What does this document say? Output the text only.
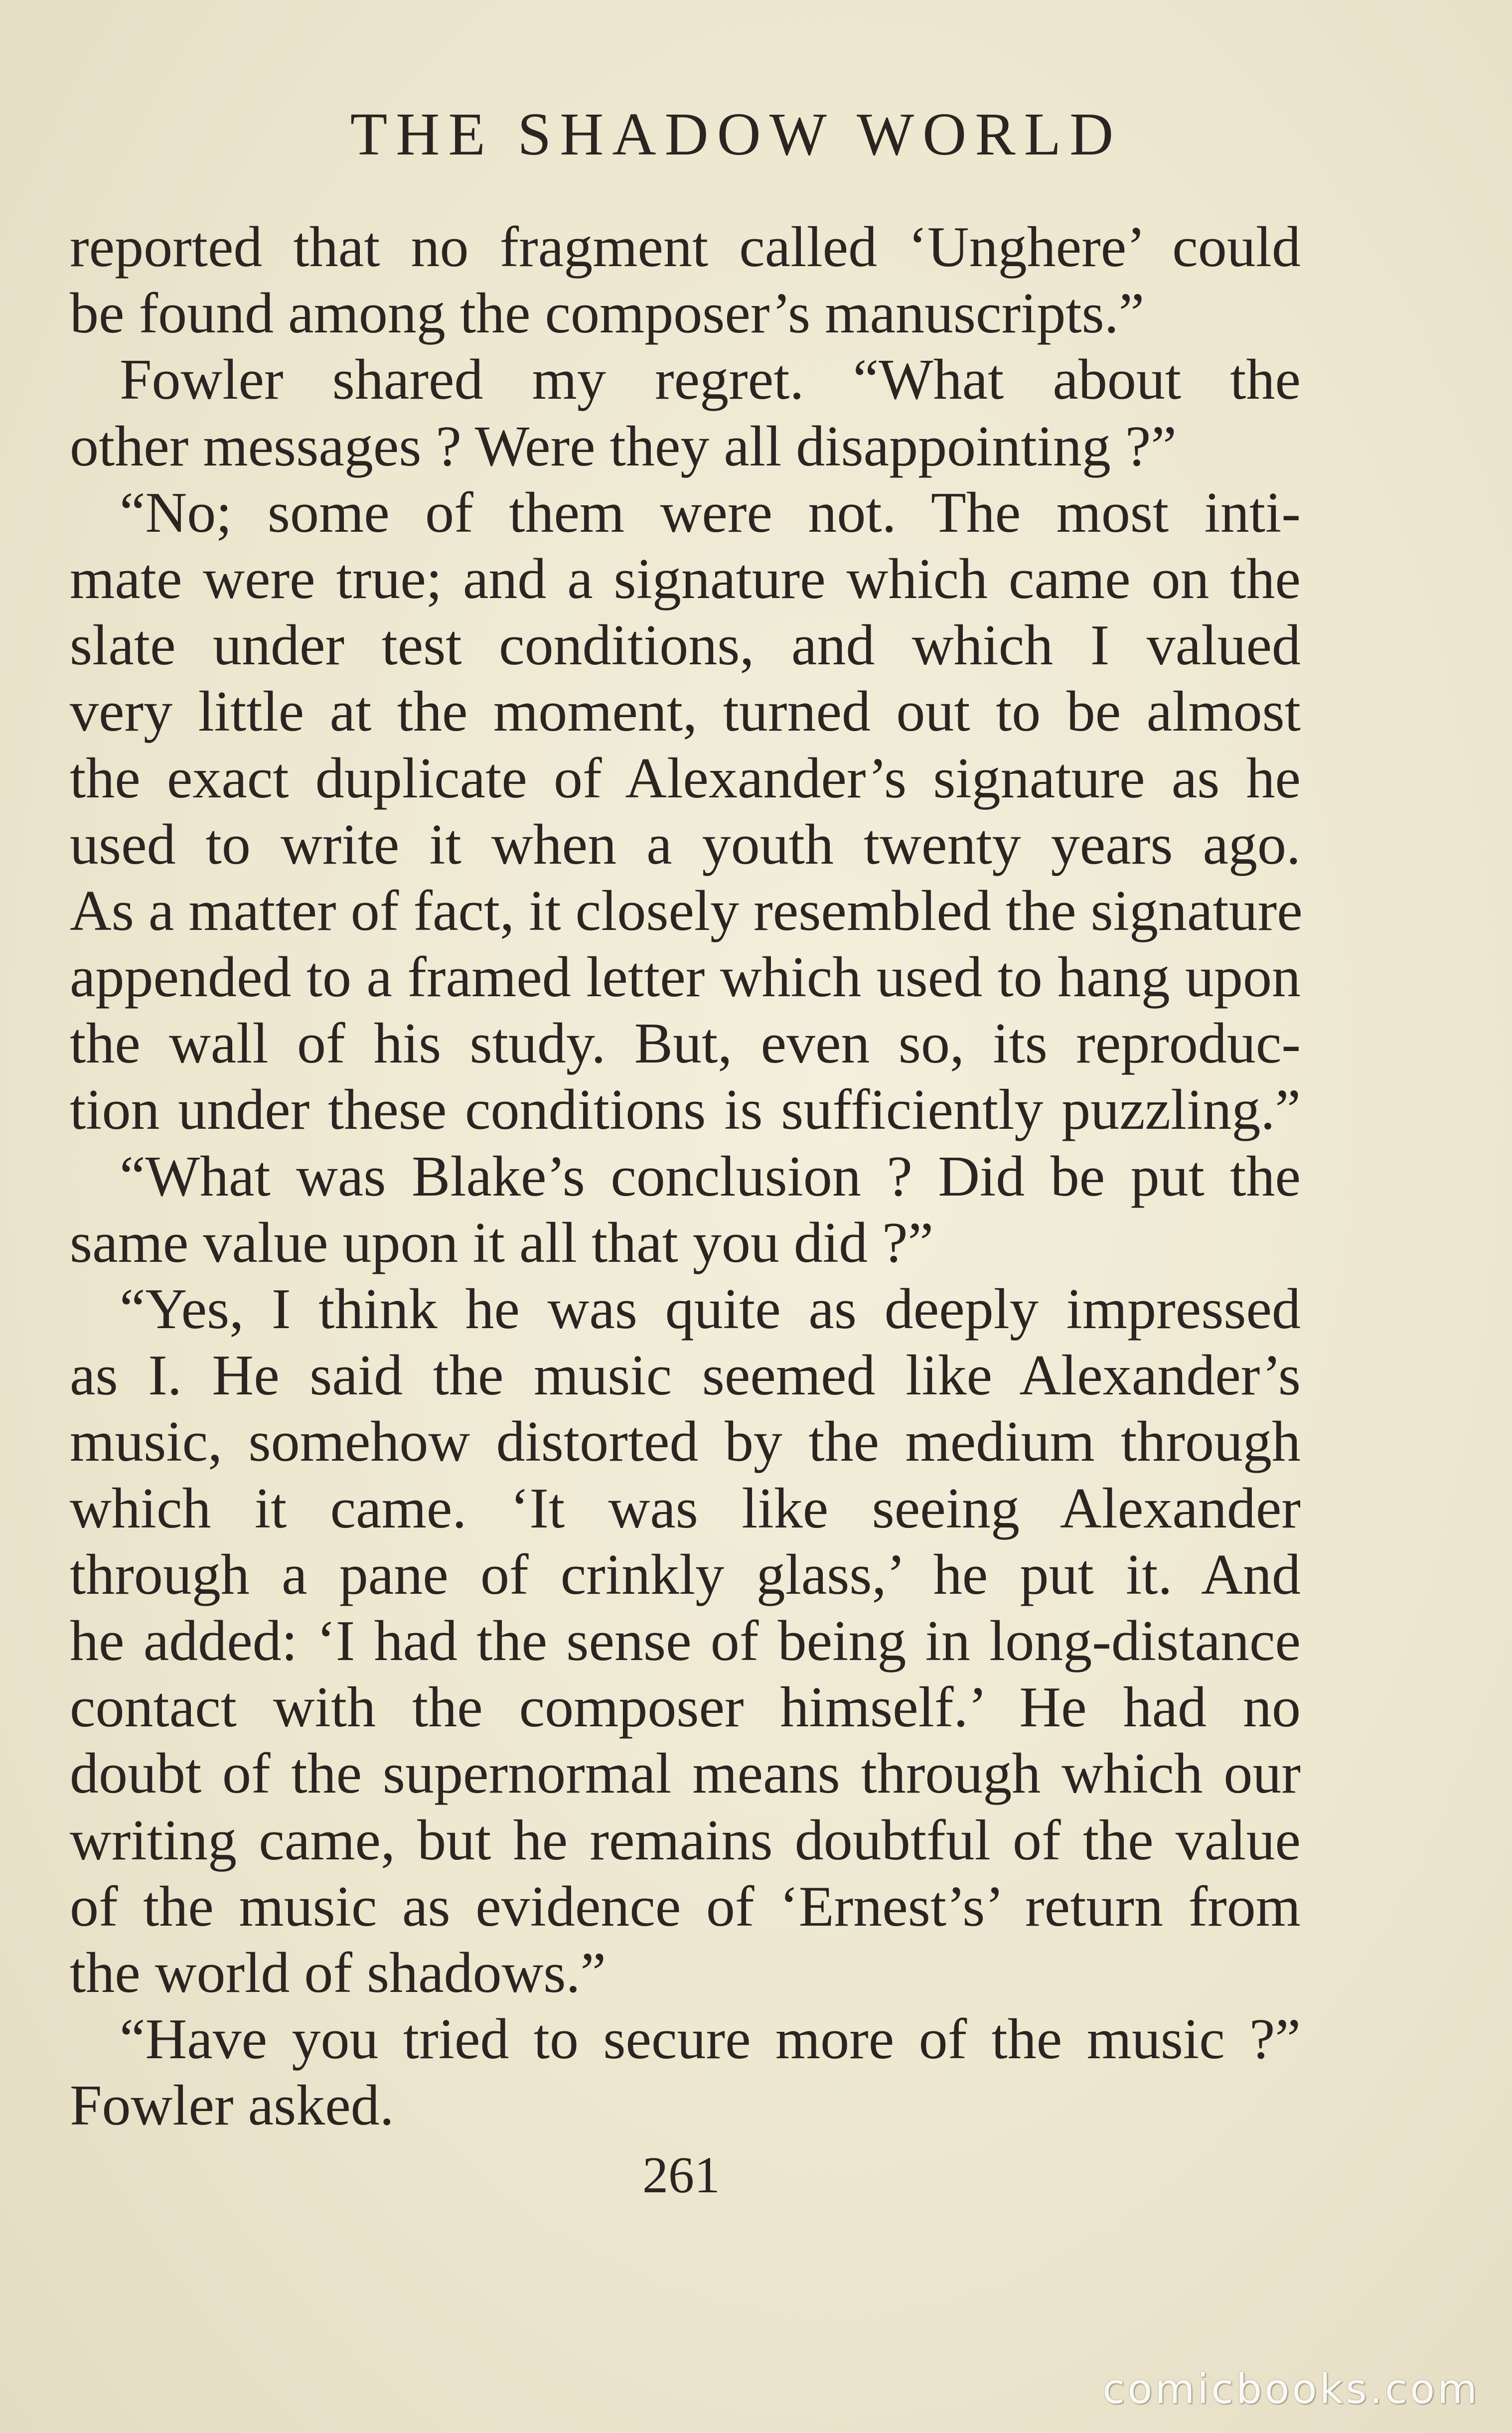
THE SHADOW WORLD
reported that no fragment called ‘Unghere’ could
be found among the composer’s manuscripts.”
Fowler shared my regret. “What about the
other messages ? Were they all disappointing ?”
“No; some of them were not. The most inti-
mate were true; and a signature which came on the
slate under test conditions, and which I valued
very little at the moment, turned out to be almost
the exact duplicate of Alexander’s signature as he
used to write it when a youth twenty years ago.
As a matter of fact, it closely resembled the signature
appended to a framed letter which used to hang upon
the wall of his study. But, even so, its reproduc-
tion under these conditions is sufficiently puzzling.”
“What was Blake’s conclusion ? Did be put the
same value upon it all that you did ?”
“Yes, I think he was quite as deeply impressed
as I. He said the music seemed like Alexander’s
music, somehow distorted by the medium through
which it came. ‘It was like seeing Alexander
through a pane of crinkly glass,’ he put it. And
he added: ‘I had the sense of being in long-distance
contact with the composer himself.’ He had no
doubt of the supernormal means through which our
writing came, but he remains doubtful of the value
of the music as evidence of ‘Ernest’s’ return from
the world of shadows.”
“Have you tried to secure more of the music ?”
Fowler asked.
261
comicbooks.com
